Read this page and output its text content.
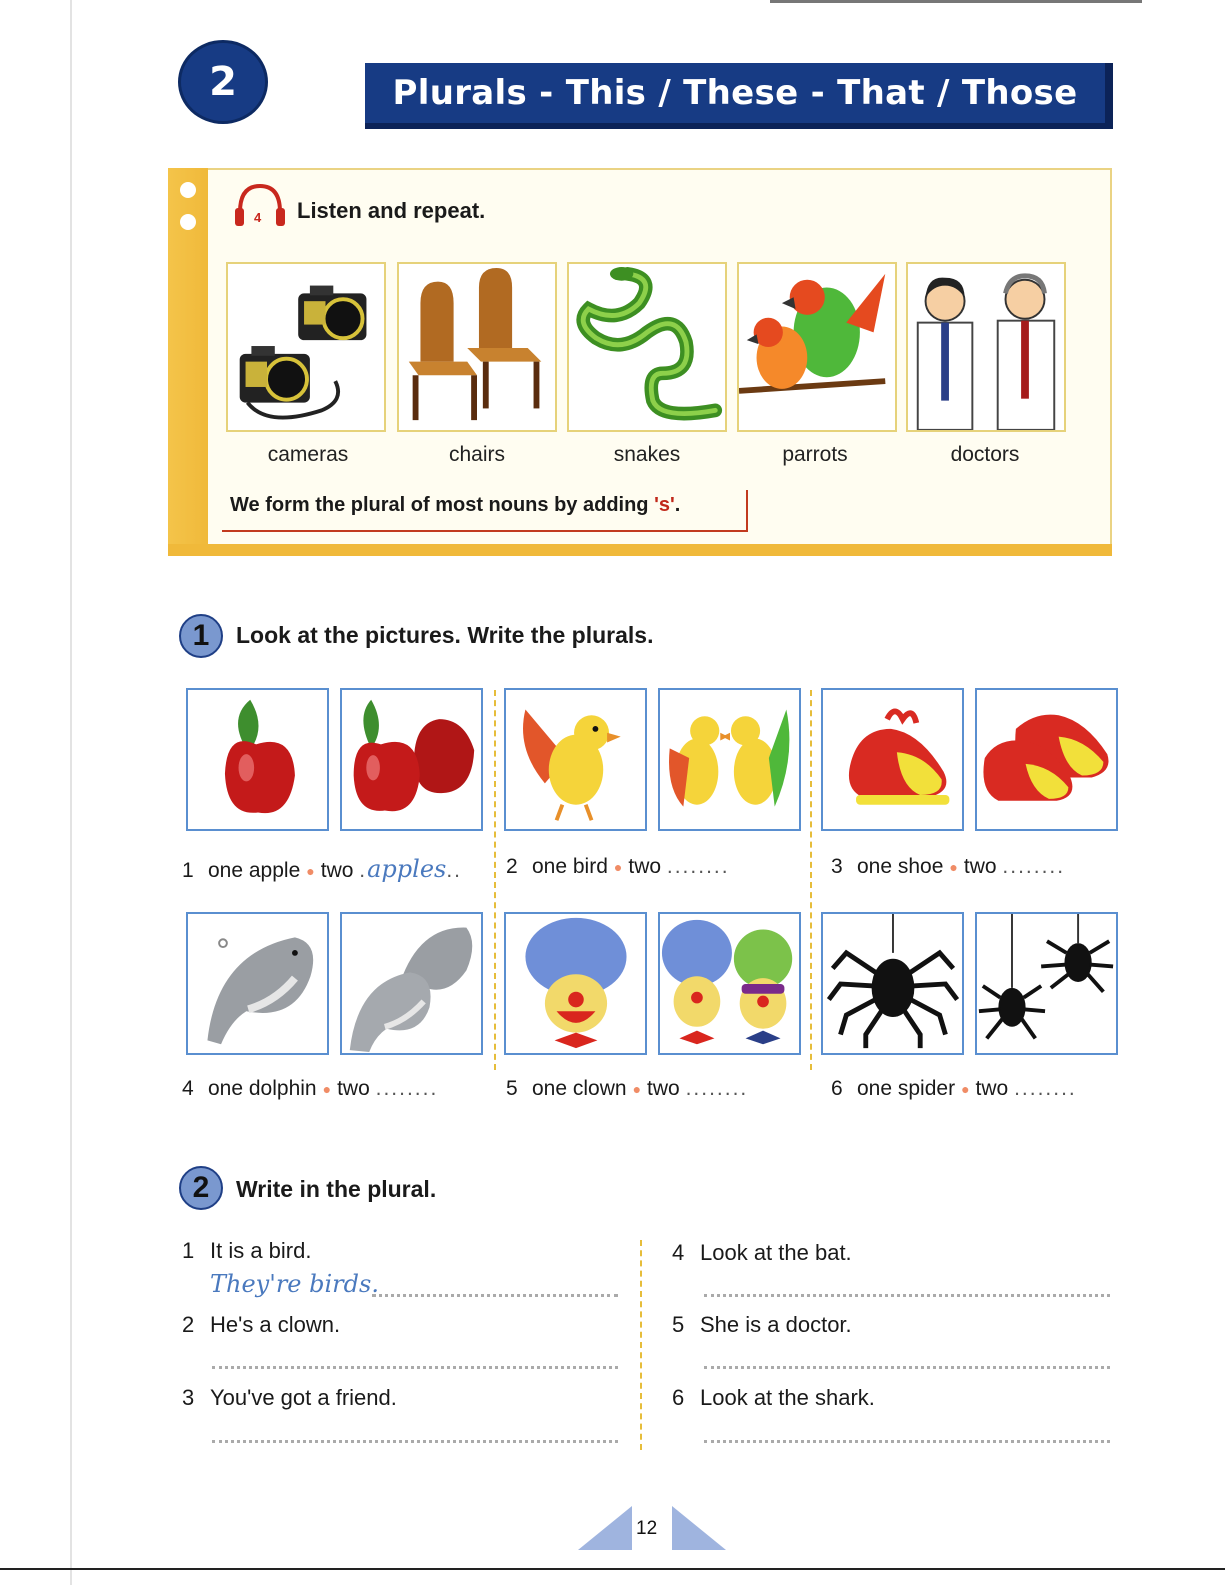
2	Plurals - This / These - That / Those
4 Listen and repeat.
cameras	chairs	snakes	parrots	doctors
We form the plural of most nouns by adding 's'.
1 Look at the pictures. Write the plurals.
1 one apple ● two .apples.. 2 one bird ● two ........	3 one shoe ● two ........
4 one dolphin ● two ........	5 one clown ● two ........	6 one spider ● two ........
2 Write in the plural.
1 It is a bird.
They're birds.
2 He's a clown.
3 You've got a friend.
4 Look at the bat.
5 She is a doctor.
6 Look at the shark.
12
